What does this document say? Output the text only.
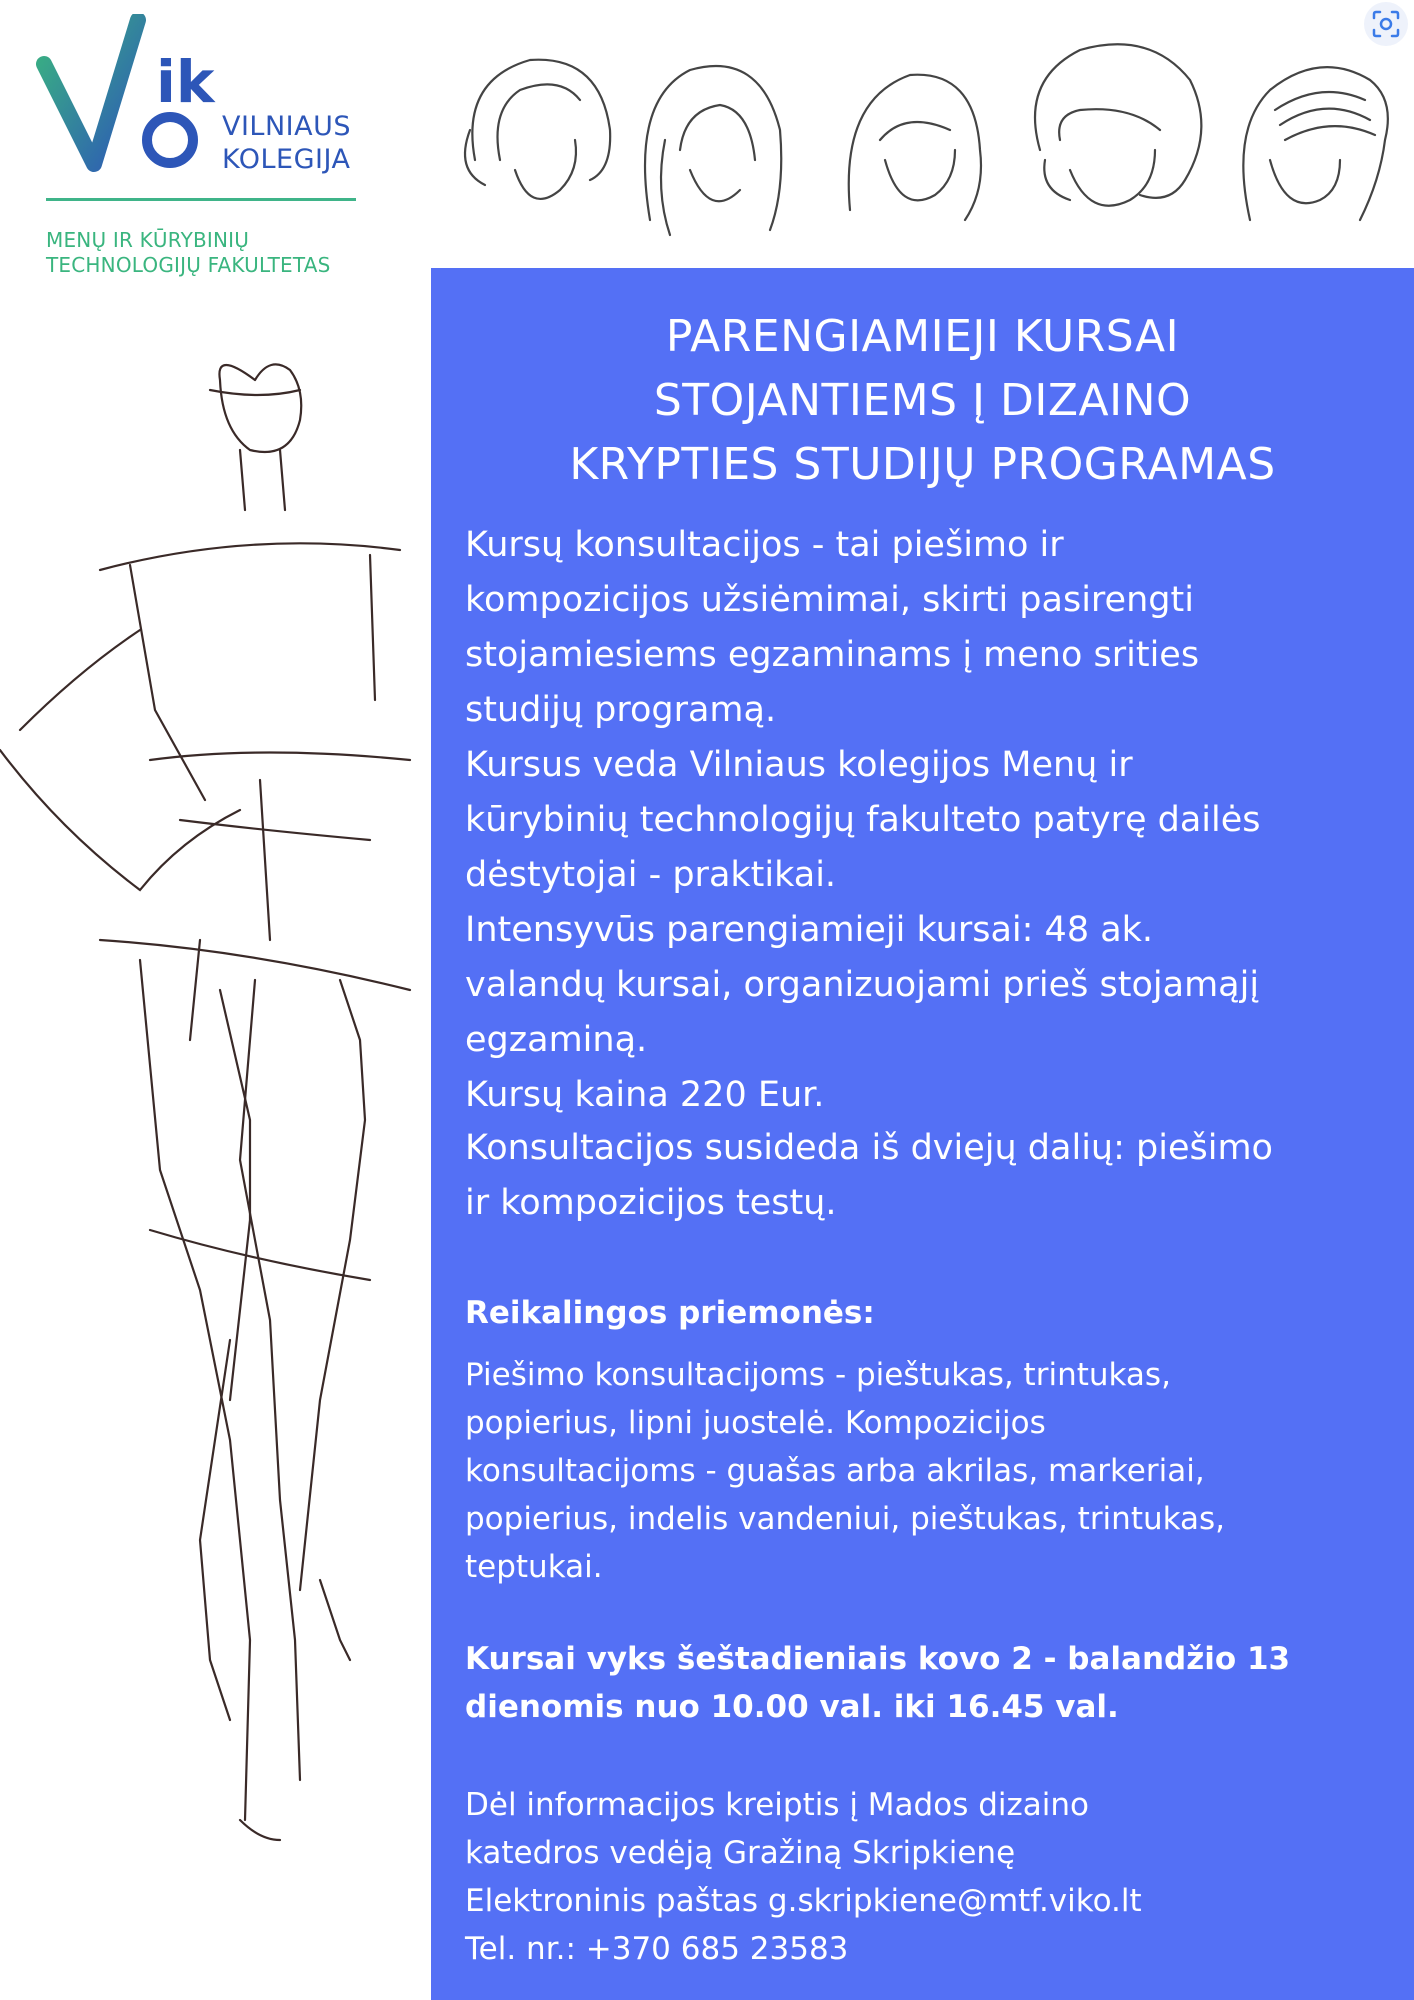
ik
VILNIAUS
KOLEGIJA
MENŲ IR KŪRYBINIŲ
TECHNOLOGIJŲ FAKULTETAS
PARENGIAMIEJI KURSAI
STOJANTIEMS Į DIZAINO
KRYPTIES STUDIJŲ PROGRAMAS
Kursų konsultacijos - tai piešimo ir
kompozicijos užsiėmimai, skirti pasirengti
stojamiesiems egzaminams į meno srities
studijų programą.
Kursus veda Vilniaus kolegijos Menų ir
kūrybinių technologijų fakulteto patyrę dailės
dėstytojai - praktikai.
Intensyvūs parengiamieji kursai: 48 ak.
valandų kursai, organizuojami prieš stojamąjį
egzaminą.
Kursų kaina 220 Eur.
Konsultacijos susideda iš dviejų dalių: piešimo
ir kompozicijos testų.
Reikalingos priemonės:
Piešimo konsultacijoms - pieštukas, trintukas,
popierius, lipni juostelė. Kompozicijos
konsultacijoms - guašas arba akrilas, markeriai,
popierius, indelis vandeniui, pieštukas, trintukas,
teptukai.
Kursai vyks šeštadieniais kovo 2 - balandžio 13
dienomis nuo 10.00 val. iki 16.45 val.
Dėl informacijos kreiptis į Mados dizaino
katedros vedėją Gražiną Skripkienę
Elektroninis paštas g.skripkiene@mtf.viko.lt
Tel. nr.: +370 685 23583
